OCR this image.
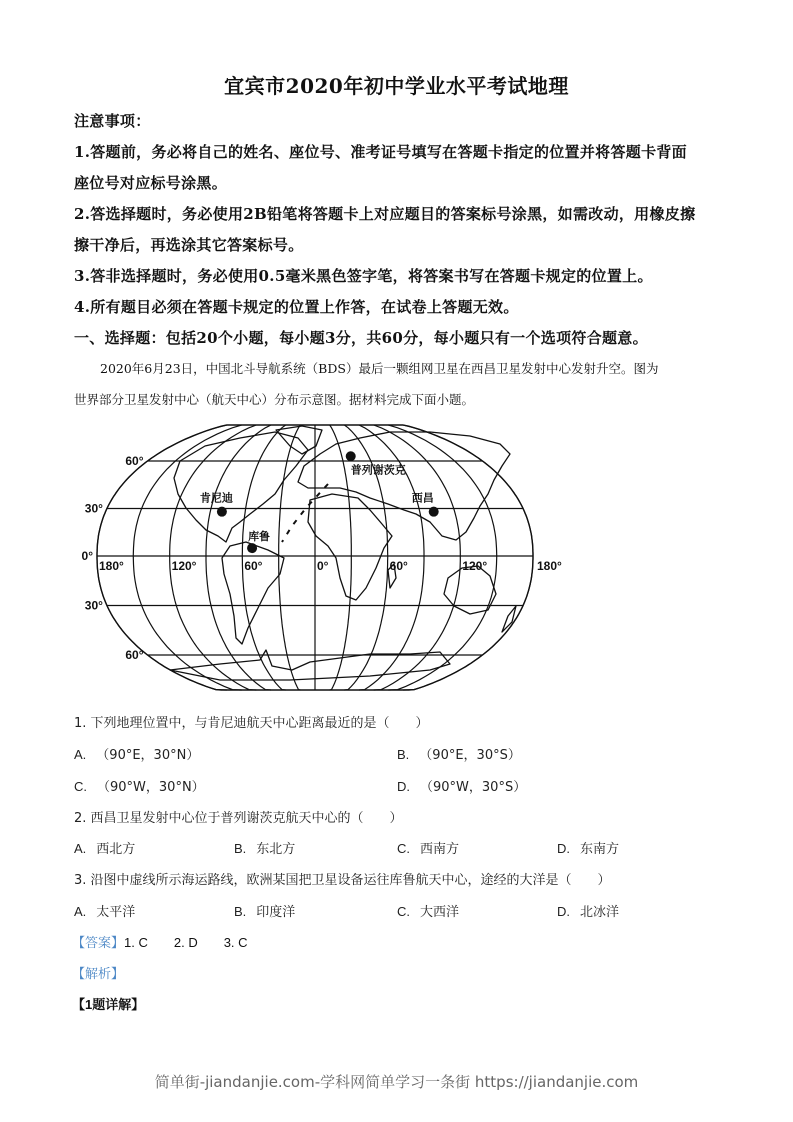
宜宾市2020年初中学业水平考试地理
注意事项：
1.答题前，务必将自己的姓名、座位号、准考证号填写在答题卡指定的位置并将答题卡背面
座位号对应标号涂黑。
2.答选择题时，务必使用2B铅笔将答题卡上对应题目的答案标号涂黑，如需改动，用橡皮擦
擦干净后，再选涂其它答案标号。
3.答非选择题时，务必使用0.5毫米黑色签字笔，将答案书写在答题卡规定的位置上。
4.所有题目必须在答题卡规定的位置上作答，在试卷上答题无效。
一、选择题：包括20个小题，每小题3分，共60分，每小题只有一个选项符合题意。
2020年6月23日，中国北斗导航系统（BDS）最后一颗组网卫星在西昌卫星发射中心发射升空。图为
世界部分卫星发射中心（航天中心）分布示意图。据材料完成下面小题。
60°
30°
0°
30°
60°
180°	120°	60°	0°	60°	120°	180°
肯尼迪
库鲁
普列谢茨克
西昌
1. 下列地理位置中，与肯尼迪航天中心距离最近的是（　　）
A. （90°E，30°N）	B. （90°E，30°S）
C. （90°W，30°N）	D. （90°W，30°S）
2. 西昌卫星发射中心位于普列谢茨克航天中心的（　　）
A. 西北方	B. 东北方	C. 西南方	D. 东南方
3. 沿图中虚线所示海运路线，欧洲某国把卫星设备运往库鲁航天中心，途经的大洋是（　　）
A. 太平洋	B. 印度洋	C. 大西洋	D. 北冰洋
【答案】1. C 2. D 3. C
【解析】
【1题详解】
简单街-jiandanjie.com-学科网简单学习一条街 https://jiandanjie.com
